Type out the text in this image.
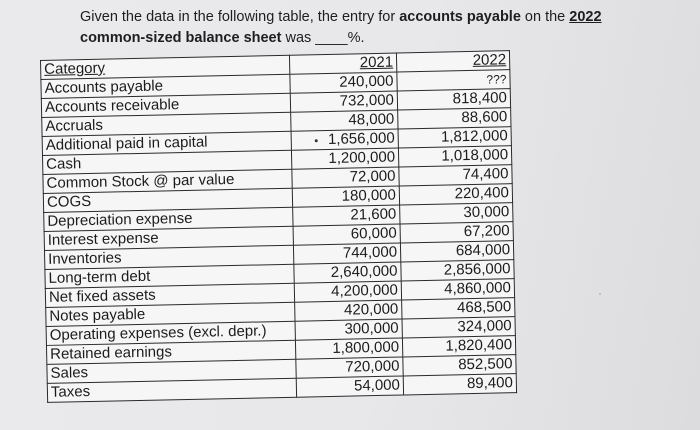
Given the data in the following table, the entry for accounts payable on the 2022
common-sized balance sheet was ____%.
Category	2021	2022
Accounts payable	240,000	???
Accounts receivable	732,000	818,400
Accruals	48,000	88,600
Additional paid in capital	1,656,000	1,812,000
Cash	1,200,000	1,018,000
Common Stock @ par value	72,000	74,400
COGS	180,000	220,400
Depreciation expense	21,600	30,000
Interest expense	60,000	67,200
Inventories	744,000	684,000
Long-term debt	2,640,000	2,856,000
Net fixed assets	4,200,000	4,860,000
Notes payable	420,000	468,500
Operating expenses (excl. depr.)	300,000	324,000
Retained earnings	1,800,000	1,820,400
Sales	720,000	852,500
Taxes	54,000	89,400
·
